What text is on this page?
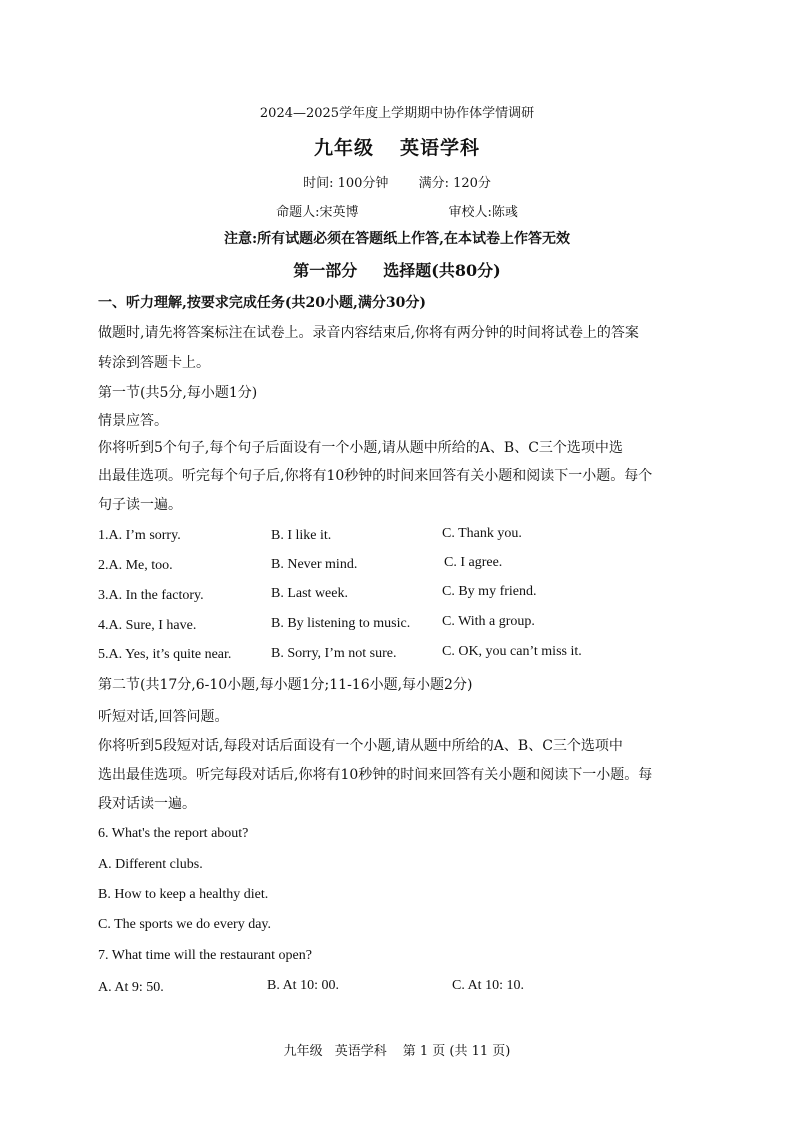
2024—2025学年度上学期期中协作体学情调研
九年级 英语学科
时间: 100分钟 满分: 120分
命题人:宋英博	审校人:陈彧
注意:所有试题必须在答题纸上作答,在本试卷上作答无效
第一部分 选择题(共80分)
一、听力理解,按要求完成任务(共20小题,满分30分)
做题时,请先将答案标注在试卷上。录音内容结束后,你将有两分钟的时间将试卷上的答案
转涂到答题卡上。
第一节(共5分,每小题1分)
情景应答。
你将听到5个句子,每个句子后面设有一个小题,请从题中所给的A、B、C三个选项中选
出最佳选项。听完每个句子后,你将有10秒钟的时间来回答有关小题和阅读下一小题。每个
句子读一遍。
1.A. I’m sorry.	B. I like it.	C. Thank you.
2.A. Me, too.	B. Never mind.	C. I agree.
3.A. In the factory.	B. Last week.	C. By my friend.
4.A. Sure, I have.	B. By listening to music. C. With a group.
5.A. Yes, it’s quite near.	B. Sorry, I’m not sure.	C. OK, you can’t miss it.
第二节(共17分,6-10小题,每小题1分;11-16小题,每小题2分)
听短对话,回答问题。
你将听到5段短对话,每段对话后面设有一个小题,请从题中所给的A、B、C三个选项中
选出最佳选项。听完每段对话后,你将有10秒钟的时间来回答有关小题和阅读下一小题。每
段对话读一遍。
6. What's the report about?
A. Different clubs.
B. How to keep a healthy diet.
C. The sports we do every day.
7. What time will the restaurant open?
A. At 9: 50.	B. At 10: 00.	C. At 10: 10.
九年级 英语学科 第 1 页 (共 11 页)
